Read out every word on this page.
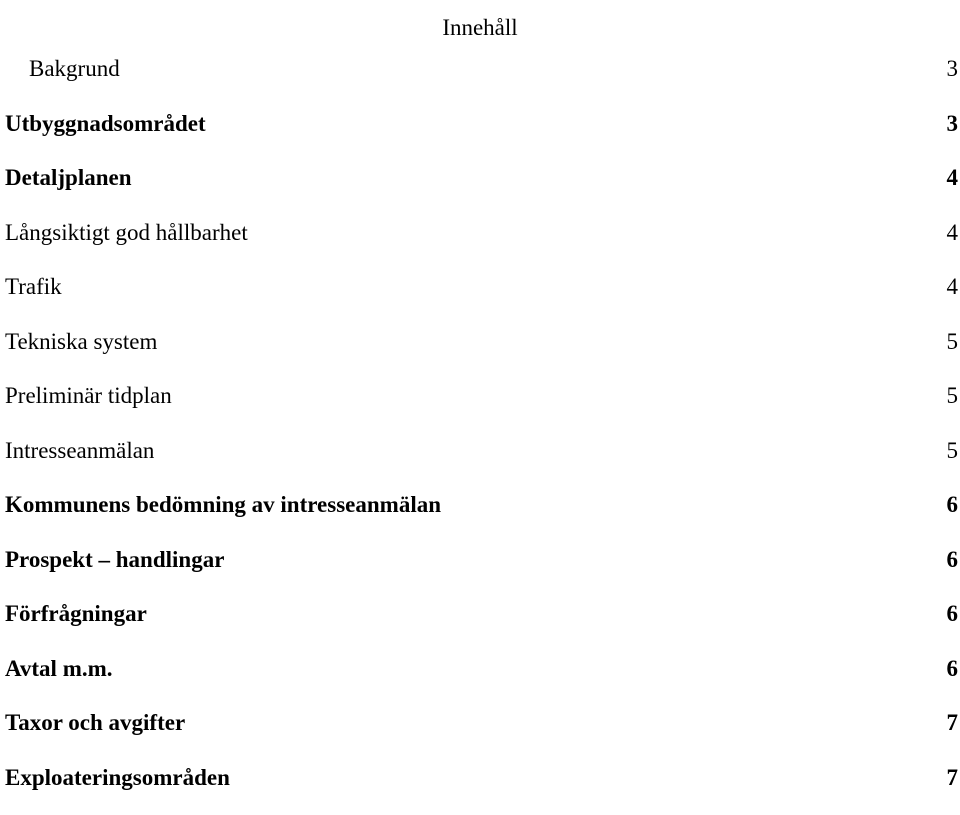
Innehåll
Bakgrund	3
Utbyggnadsområdet	3
Detaljplanen	4
Långsiktigt god hållbarhet	4
Trafik	4
Tekniska system	5
Preliminär tidplan	5
Intresseanmälan	5
Kommunens bedömning av intresseanmälan	6
Prospekt – handlingar	6
Förfrågningar	6
Avtal m.m.	6
Taxor och avgifter	7
Exploateringsområden	7
